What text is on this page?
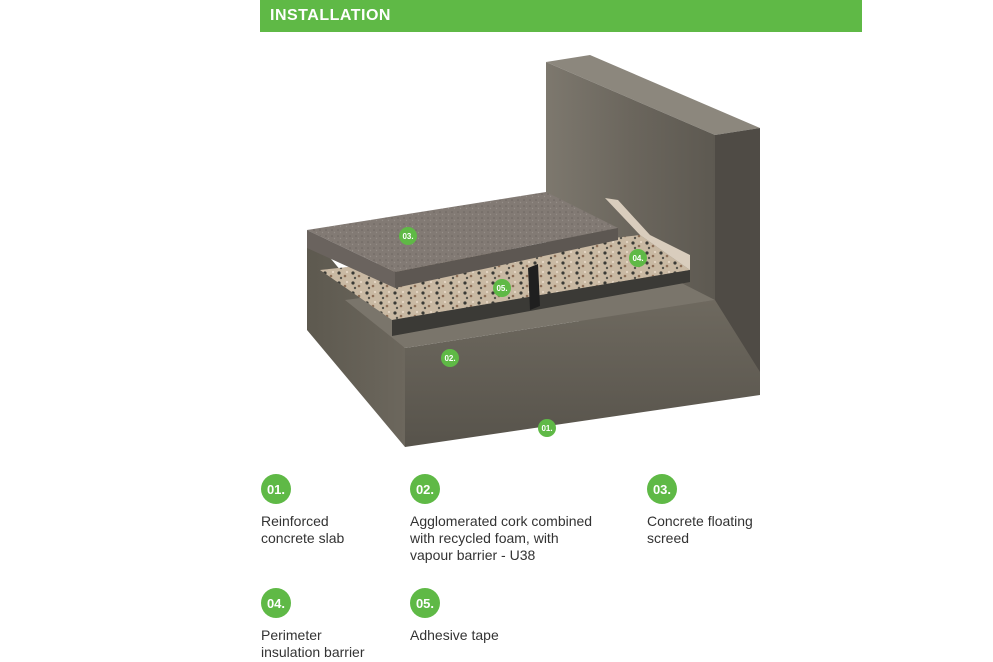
INSTALLATION
01.
02.
03.
04.
05.
01.
Reinforced
concrete slab
02.
Agglomerated cork combined
with recycled foam, with
vapour barrier - U38
03.
Concrete floating
screed
04.
Perimeter
insulation barrier
05.
Adhesive tape
